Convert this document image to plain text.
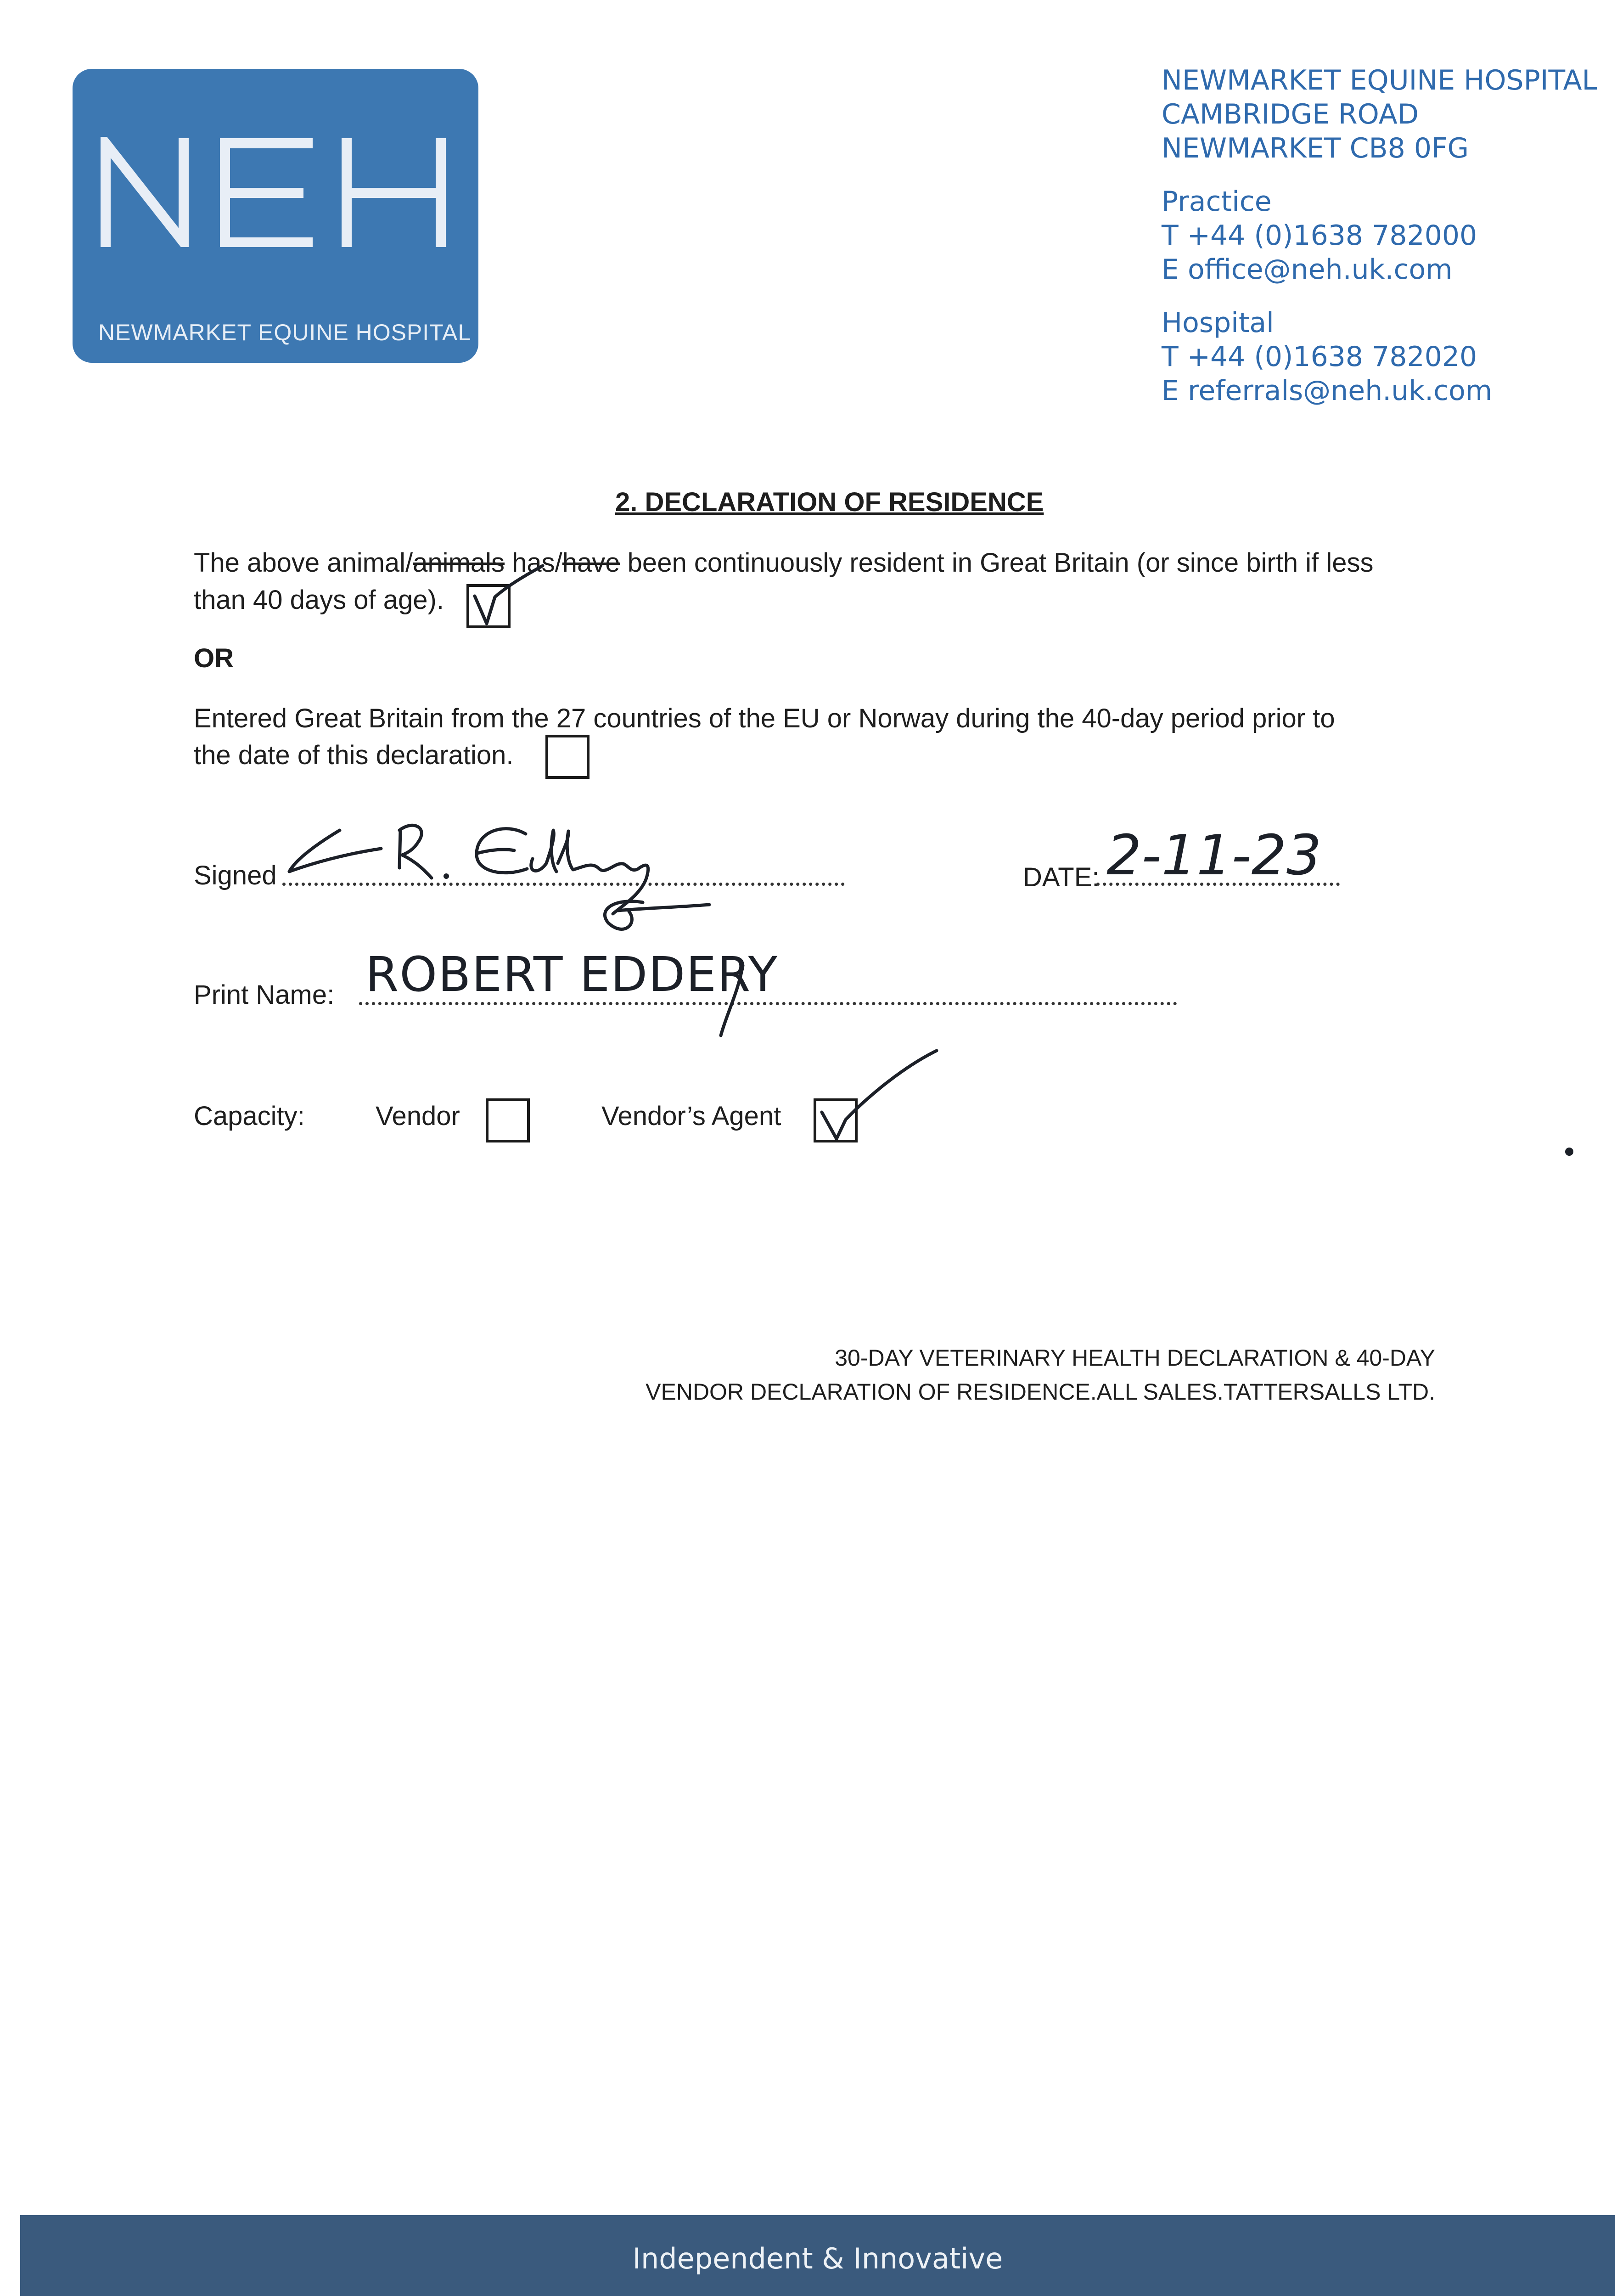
NEWMARKET EQUINE HOSPITAL
NEWMARKET EQUINE HOSPITAL
CAMBRIDGE ROAD
NEWMARKET CB8 0FG
Practice
T +44 (0)1638 782000
E office@neh.uk.com
Hospital
T +44 (0)1638 782020
E referrals@neh.uk.com
2. DECLARATION OF RESIDENCE
The above animal/animals has/have been continuously resident in Great Britain (or since birth if less
than 40 days of age).
OR
Entered Great Britain from the 27 countries of the EU or Norway during the 40-day period prior to
the date of this declaration.
Signed	DATE: 2-11-23
Print Name: ROBERT EDDERY
Capacity:	Vendor	Vendor’s Agent
30-DAY VETERINARY HEALTH DECLARATION & 40-DAY
VENDOR DECLARATION OF RESIDENCE.ALL SALES.TATTERSALLS LTD.
Independent & Innovative
